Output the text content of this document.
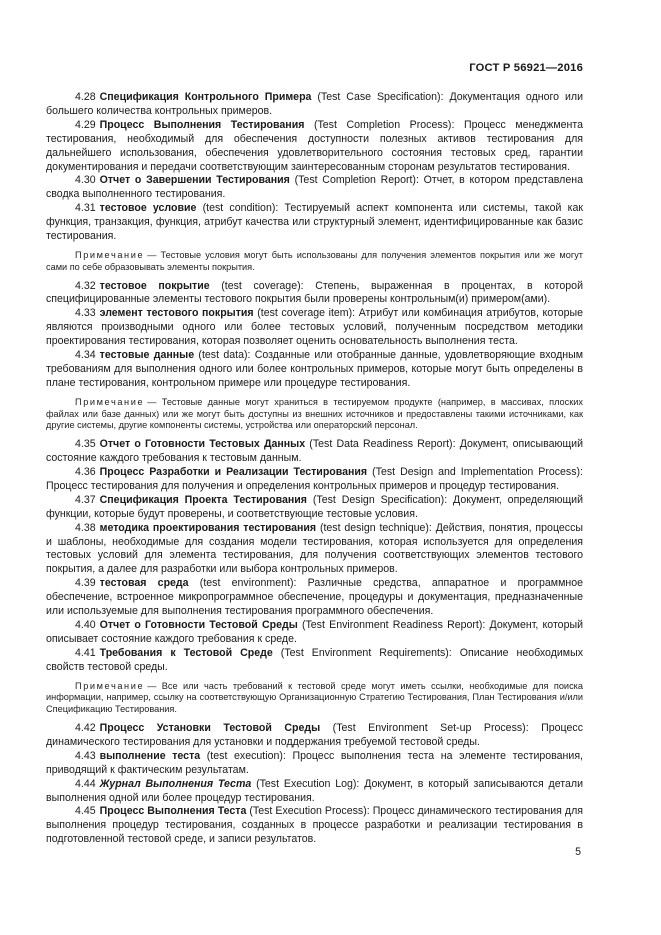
ГОСТ Р 56921—2016

4.28 Спецификация Контрольного Примера (Test Case Specification): Документация одного или большего количества контрольных примеров.

4.29 Процесс Выполнения Тестирования (Test Completion Process): Процесс менеджмента тестирования, необходимый для обеспечения доступности полезных активов тестирования для дальнейшего использования, обеспечения удовлетворительного состояния тестовых сред, гарантии документирования и передачи соответствующим заинтересованным сторонам результатов тестирования.

4.30 Отчет о Завершении Тестирования (Test Completion Report): Отчет, в котором представлена сводка выполненного тестирования.

4.31 тестовое условие (test condition): Тестируемый аспект компонента или системы, такой как функция, транзакция, функция, атрибут качества или структурный элемент, идентифицированные как базис тестирования.

Примечание — Тестовые условия могут быть использованы для получения элементов покрытия или же могут сами по себе образовывать элементы покрытия.

4.32 тестовое покрытие (test coverage): Степень, выраженная в процентах, в которой специфицированные элементы тестового покрытия были проверены контрольным(и) примером(ами).

4.33 элемент тестового покрытия (test coverage item): Атрибут или комбинация атрибутов, которые являются производными одного или более тестовых условий, полученным посредством методики проектирования тестирования, которая позволяет оценить основательность выполнения теста.

4.34 тестовые данные (test data): Созданные или отобранные данные, удовлетворяющие входным требованиям для выполнения одного или более контрольных примеров, которые могут быть определены в плане тестирования, контрольном примере или процедуре тестирования.

Примечание — Тестовые данные могут храниться в тестируемом продукте (например, в массивах, плоских файлах или базе данных) или же могут быть доступны из внешних источников и предоставлены такими источниками, как другие системы, другие компоненты системы, устройства или операторский персонал.

4.35 Отчет о Готовности Тестовых Данных (Test Data Readiness Report): Документ, описывающий состояние каждого требования к тестовым данным.

4.36 Процесс Разработки и Реализации Тестирования (Test Design and Implementation Process): Процесс тестирования для получения и определения контрольных примеров и процедур тестирования.

4.37 Спецификация Проекта Тестирования (Test Design Specification): Документ, определяющий функции, которые будут проверены, и соответствующие тестовые условия.

4.38 методика проектирования тестирования (test design technique): Действия, понятия, процессы и шаблоны, необходимые для создания модели тестирования, которая используется для определения тестовых условий для элемента тестирования, для получения соответствующих элементов тестового покрытия, а далее для разработки или выбора контрольных примеров.

4.39 тестовая среда (test environment): Различные средства, аппаратное и программное обеспечение, встроенное микропрограммное обеспечение, процедуры и документация, предназначенные или используемые для выполнения тестирования программного обеспечения.

4.40 Отчет о Готовности Тестовой Среды (Test Environment Readiness Report): Документ, который описывает состояние каждого требования к среде.

4.41 Требования к Тестовой Среде (Test Environment Requirements): Описание необходимых свойств тестовой среды.

Примечание — Все или часть требований к тестовой среде могут иметь ссылки, необходимые для поиска информации, например, ссылку на соответствующую Организационную Стратегию Тестирования, План Тестирования и/или Спецификацию Тестирования.

4.42 Процесс Установки Тестовой Среды (Test Environment Set-up Process): Процесс динамического тестирования для установки и поддержания требуемой тестовой среды.

4.43 выполнение теста (test execution): Процесс выполнения теста на элементе тестирования, приводящий к фактическим результатам.

4.44 Журнал Выполнения Теста (Test Execution Log): Документ, в который записываются детали выполнения одной или более процедур тестирования.

4.45 Процесс Выполнения Теста (Test Execution Process): Процесс динамического тестирования для выполнения процедур тестирования, созданных в процессе разработки и реализации тестирования в подготовленной тестовой среде, и записи результатов.

5
